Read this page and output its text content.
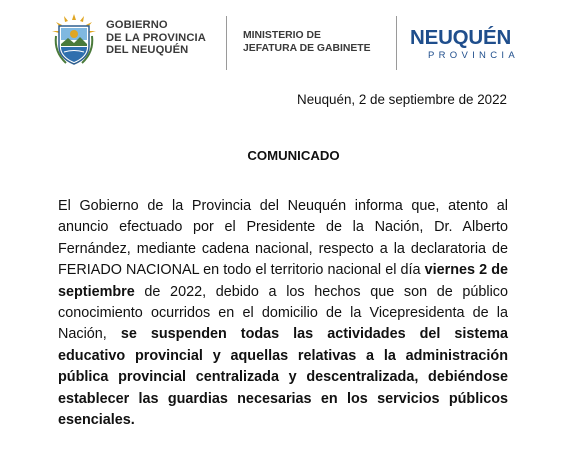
GOBIERNO
DE LA PROVINCIA
DEL NEUQUÉN
MINISTERIO DE
JEFATURA DE GABINETE NEUQUÉN
PROVINCIA
Neuquén, 2 de septiembre de 2022
COMUNICADO
El Gobierno de la Provincia del Neuquén informa que, atento al anuncio efectuado por el Presidente de la Nación, Dr. Alberto Fernández, mediante cadena nacional, respecto a la declaratoria de FERIADO NACIONAL en todo el territorio nacional el día viernes 2 de septiembre de 2022, debido a los hechos que son de público conocimiento ocurridos en el domicilio de la Vicepresidenta de la Nación, se suspenden todas las actividades del sistema educativo provincial y aquellas relativas a la administración pública provincial centralizada y descentralizada, debiéndose establecer las guardias necesarias en los servicios públicos esenciales.
